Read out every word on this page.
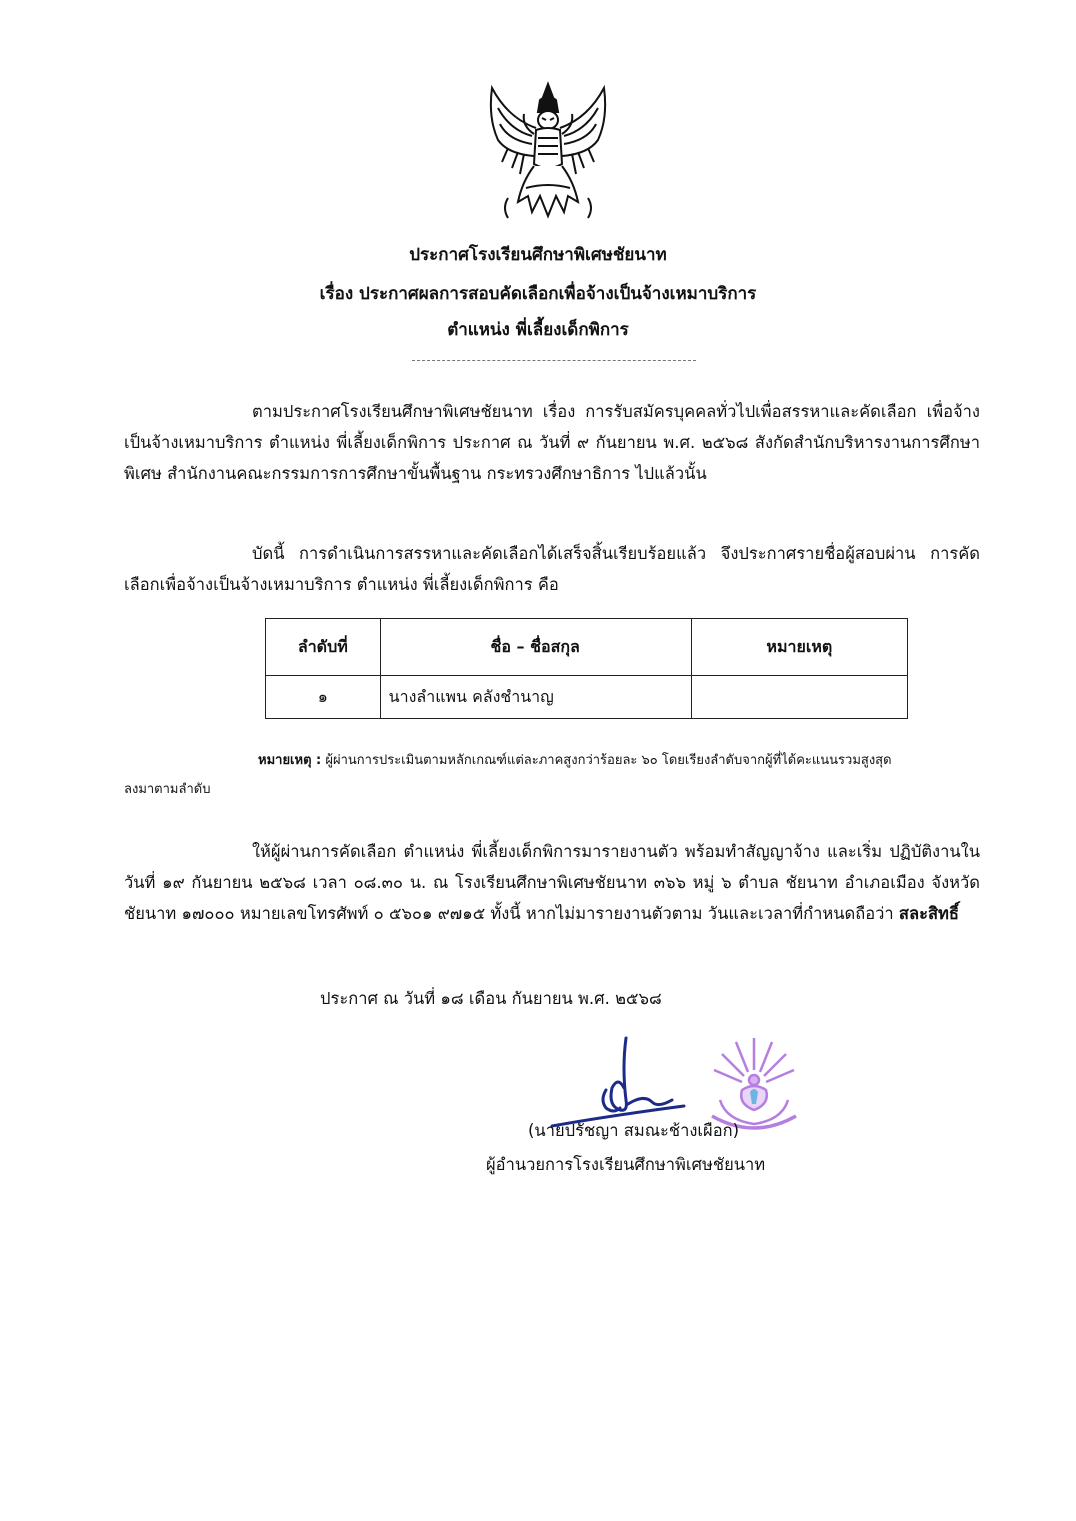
ประกาศโรงเรียนศึกษาพิเศษชัยนาท
เรื่อง ประกาศผลการสอบคัดเลือกเพื่อจ้างเป็นจ้างเหมาบริการ
ตำแหน่ง พี่เลี้ยงเด็กพิการ
ตามประกาศโรงเรียนศึกษาพิเศษชัยนาท เรื่อง การรับสมัครบุคคลทั่วไปเพื่อสรรหาและคัดเลือก เพื่อจ้างเป็นจ้างเหมาบริการ ตำแหน่ง พี่เลี้ยงเด็กพิการ ประกาศ ณ วันที่ ๙ กันยายน พ.ศ. ๒๕๖๘ สังกัดสำนักบริหารงานการศึกษาพิเศษ สำนักงานคณะกรรมการการศึกษาขั้นพื้นฐาน กระทรวงศึกษาธิการ ไปแล้วนั้น
บัดนี้ การดำเนินการสรรหาและคัดเลือกได้เสร็จสิ้นเรียบร้อยแล้ว จึงประกาศรายชื่อผู้สอบผ่าน การคัดเลือกเพื่อจ้างเป็นจ้างเหมาบริการ ตำแหน่ง พี่เลี้ยงเด็กพิการ คือ
ลำดับที่	ชื่อ – ชื่อสกุล	หมายเหตุ
๑	นางลำแพน คลังชำนาญ	
หมายเหตุ : ผู้ผ่านการประเมินตามหลักเกณฑ์แต่ละภาคสูงกว่าร้อยละ ๖๐ โดยเรียงลำดับจากผู้ที่ได้คะแนนรวมสูงสุด
ลงมาตามลำดับ
ให้ผู้ผ่านการคัดเลือก ตำแหน่ง พี่เลี้ยงเด็กพิการมารายงานตัว พร้อมทำสัญญาจ้าง และเริ่ม ปฏิบัติงานในวันที่ ๑๙ กันยายน ๒๕๖๘ เวลา ๐๘.๓๐ น. ณ โรงเรียนศึกษาพิเศษชัยนาท ๓๖๖ หมู่ ๖ ตำบล ชัยนาท อำเภอเมือง จังหวัดชัยนาท ๑๗๐๐๐ หมายเลขโทรศัพท์ ๐ ๕๖๐๑ ๙๗๑๕ ทั้งนี้ หากไม่มารายงานตัวตาม วันและเวลาที่กำหนดถือว่า สละสิทธิ์
ประกาศ ณ วันที่ ๑๘ เดือน กันยายน พ.ศ. ๒๕๖๘
(นายปรัชญา สมณะช้างเผือก)
ผู้อำนวยการโรงเรียนศึกษาพิเศษชัยนาท
